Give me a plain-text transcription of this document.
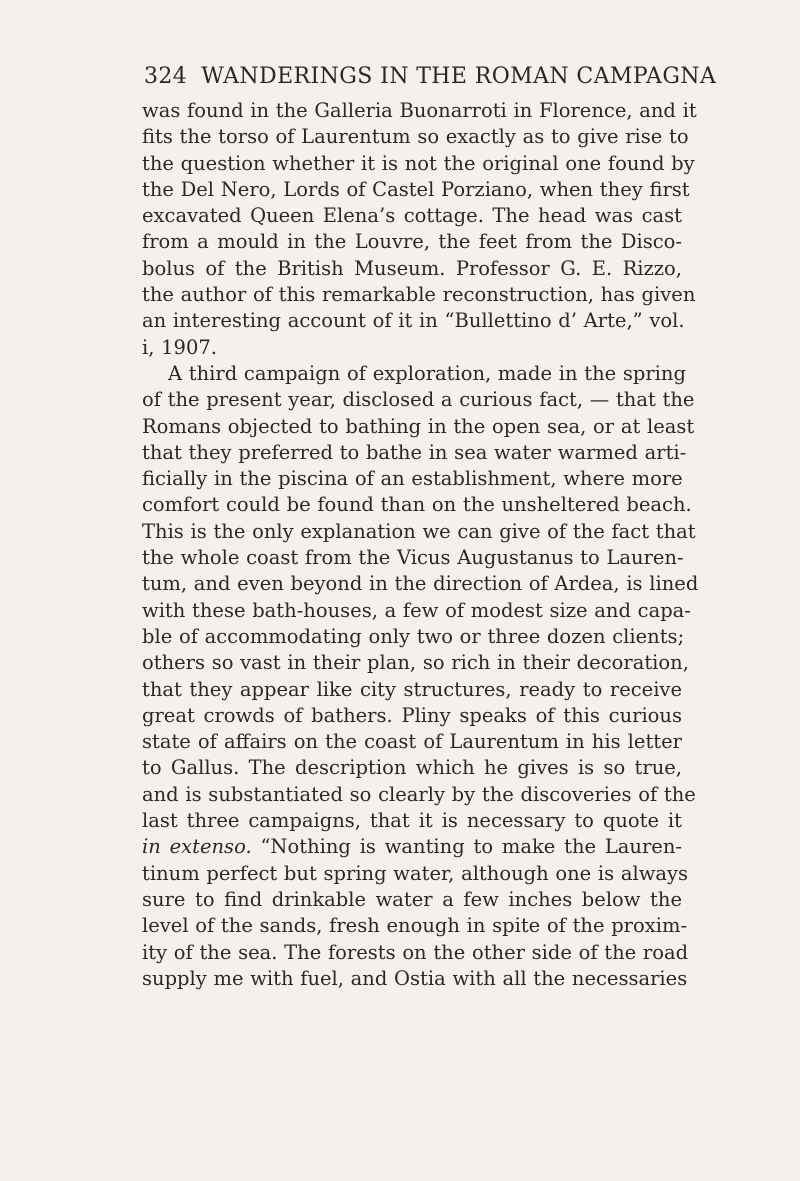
324 WANDERINGS IN THE ROMAN CAMPAGNA
was found in the Galleria Buonarroti in Florence, and it
fits the torso of Laurentum so exactly as to give rise to
the question whether it is not the original one found by
the Del Nero, Lords of Castel Porziano, when they first
excavated Queen Elena’s cottage. The head was cast
from a mould in the Louvre, the feet from the Disco-
bolus of the British Museum. Professor G. E. Rizzo,
the author of this remarkable reconstruction, has given
an interesting account of it in “Bullettino d’ Arte,” vol.
i, 1907.
A third campaign of exploration, made in the spring
of the present year, disclosed a curious fact, — that the
Romans objected to bathing in the open sea, or at least
that they preferred to bathe in sea water warmed arti-
ficially in the piscina of an establishment, where more
comfort could be found than on the unsheltered beach.
This is the only explanation we can give of the fact that
the whole coast from the Vicus Augustanus to Lauren-
tum, and even beyond in the direction of Ardea, is lined
with these bath-houses, a few of modest size and capa-
ble of accommodating only two or three dozen clients;
others so vast in their plan, so rich in their decoration,
that they appear like city structures, ready to receive
great crowds of bathers. Pliny speaks of this curious
state of affairs on the coast of Laurentum in his letter
to Gallus. The description which he gives is so true,
and is substantiated so clearly by the discoveries of the
last three campaigns, that it is necessary to quote it
in extenso. “Nothing is wanting to make the Lauren-
tinum perfect but spring water, although one is always
sure to find drinkable water a few inches below the
level of the sands, fresh enough in spite of the proxim-
ity of the sea. The forests on the other side of the road
supply me with fuel, and Ostia with all the necessaries
